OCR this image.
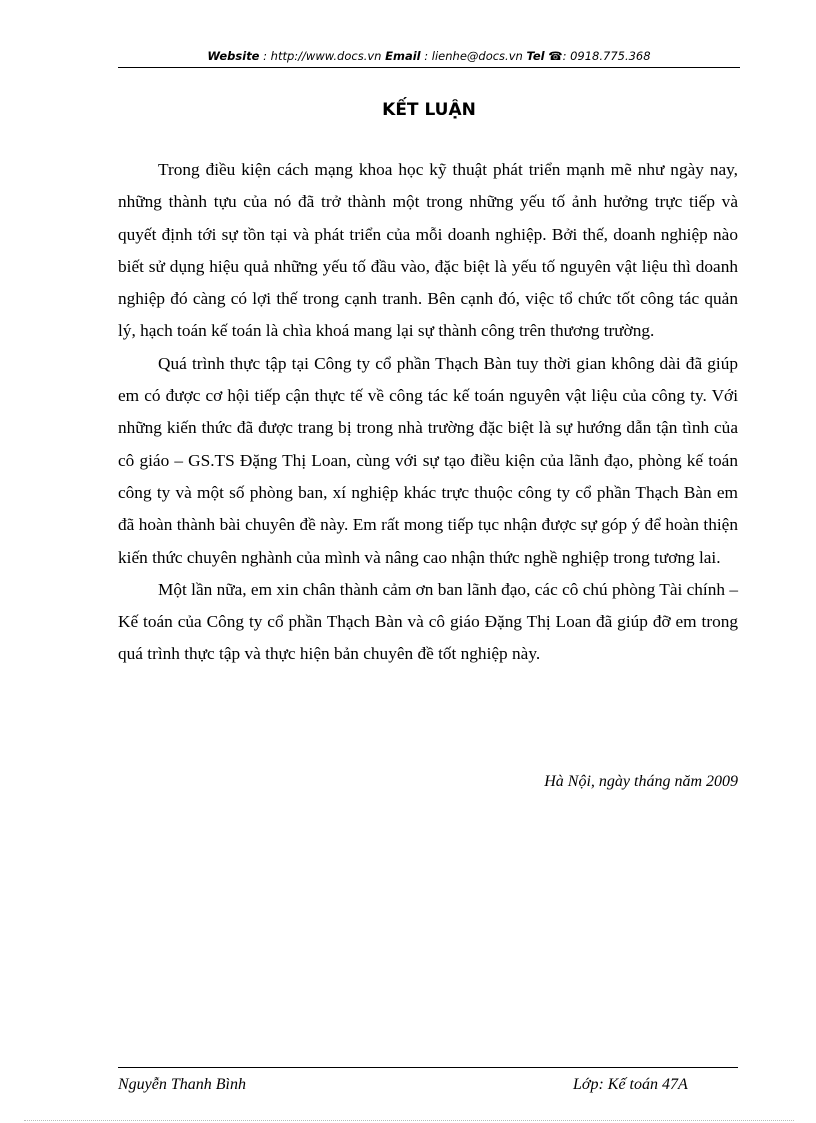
Website : http://www.docs.vn Email : lienhe@docs.vn Tel ☎: 0918.775.368
KẾT LUẬN

Trong điều kiện cách mạng khoa học kỹ thuật phát triển mạnh mẽ như ngày nay, những thành tựu của nó đã trở thành một trong những yếu tố ảnh hưởng trực tiếp và quyết định tới sự tồn tại và phát triển của mỗi doanh nghiệp. Bởi thế, doanh nghiệp nào biết sử dụng hiệu quả những yếu tố đầu vào, đặc biệt là yếu tố nguyên vật liệu thì doanh nghiệp đó càng có lợi thế trong cạnh tranh. Bên cạnh đó, việc tổ chức tốt công tác quản lý, hạch toán kế toán là chìa khoá mang lại sự thành công trên thương trường.

Quá trình thực tập tại Công ty cổ phần Thạch Bàn tuy thời gian không dài đã giúp em có được cơ hội tiếp cận thực tế về công tác kế toán nguyên vật liệu của công ty. Với những kiến thức đã được trang bị trong nhà trường đặc biệt là sự hướng dẫn tận tình của cô giáo – GS.TS Đặng Thị Loan, cùng với sự tạo điều kiện của lãnh đạo, phòng kế toán công ty và một số phòng ban, xí nghiệp khác trực thuộc công ty cổ phần Thạch Bàn em đã hoàn thành bài chuyên đề này. Em rất mong tiếp tục nhận được sự góp ý để hoàn thiện kiến thức chuyên nghành của mình và nâng cao nhận thức nghề nghiệp trong tương lai.

Một lần nữa, em xin chân thành cảm ơn ban lãnh đạo, các cô chú phòng Tài chính – Kế toán của Công ty cổ phần Thạch Bàn và cô giáo Đặng Thị Loan đã giúp đỡ em trong quá trình thực tập và thực hiện bản chuyên đề tốt nghiệp này.

Hà Nội, ngày tháng năm 2009
Nguyễn Thanh Bình	Lớp: Kế toán 47A
